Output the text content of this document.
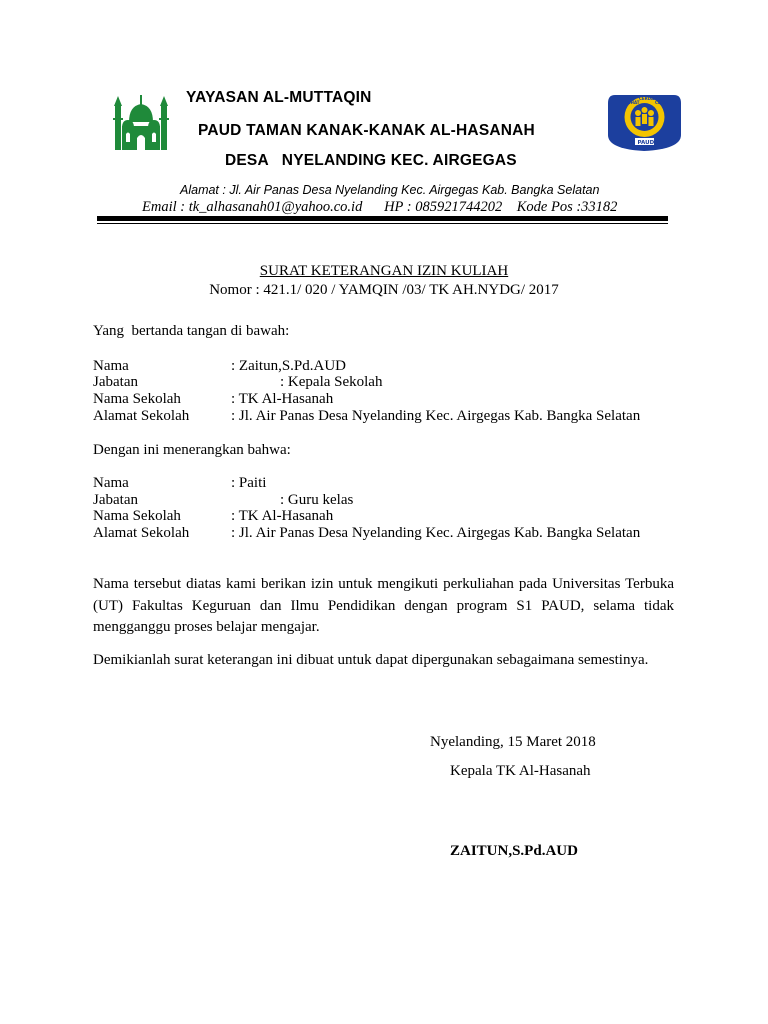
SEHAT
CERDAS
CERIA
PAUD
YAYASAN AL-MUTTAQIN
PAUD TAMAN KANAK-KANAK AL-HASANAH
DESA   NYELANDING KEC. AIRGEGAS
Alamat : Jl. Air Panas Desa Nyelanding Kec. Airgegas Kab. Bangka Selatan
Email : tk_alhasanah01@yahoo.co.id      HP : 085921744202    Kode Pos :33182
SURAT KETERANGAN IZIN KULIAH
Nomor : 421.1/ 020 / YAMQIN /03/ TK AH.NYDG/ 2017
Yang  bertanda tangan di bawah:
Nama	: Zaitun,S.Pd.AUD
Jabatan	: Kepala Sekolah
Nama Sekolah	: TK Al-Hasanah
Alamat Sekolah	: Jl. Air Panas Desa Nyelanding Kec. Airgegas Kab. Bangka Selatan
Dengan ini menerangkan bahwa:
Nama	: Paiti
Jabatan	: Guru kelas
Nama Sekolah	: TK Al-Hasanah
Alamat Sekolah	: Jl. Air Panas Desa Nyelanding Kec. Airgegas Kab. Bangka Selatan
Nama tersebut diatas kami berikan izin untuk mengikuti perkuliahan pada Universitas Terbuka (UT) Fakultas Keguruan dan Ilmu Pendidikan dengan program S1 PAUD, selama tidak mengganggu proses belajar mengajar.
Demikianlah surat keterangan ini dibuat untuk dapat dipergunakan sebagaimana semestinya.
Nyelanding, 15 Maret 2018
Kepala TK Al-Hasanah
ZAITUN,S.Pd.AUD
